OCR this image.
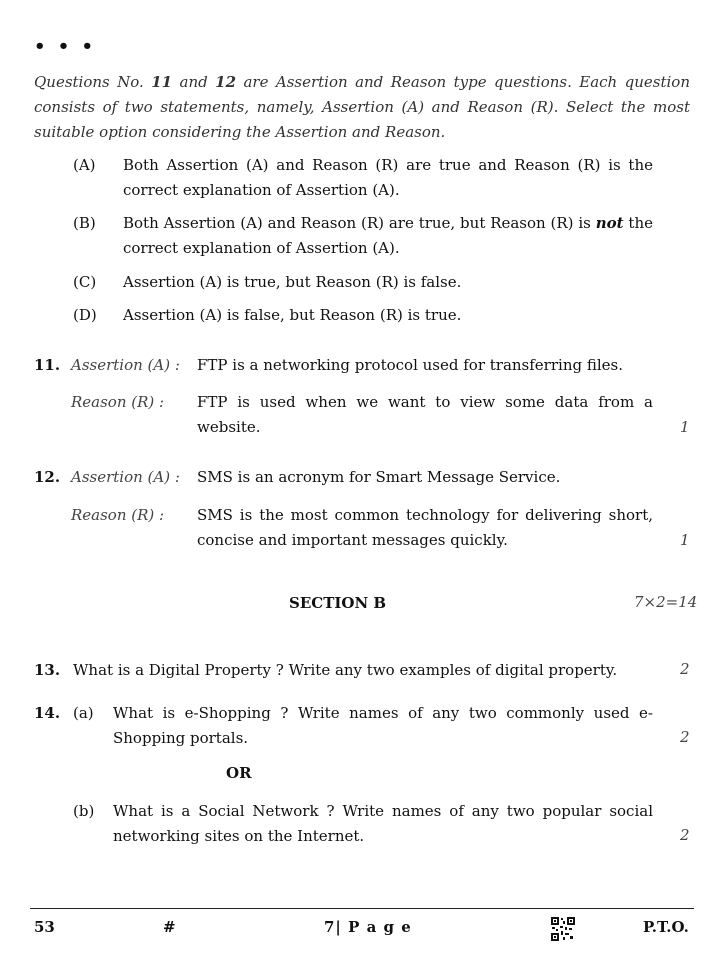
• • •
Questions No. 11 and 12 are Assertion and Reason type questions. Each question consists of two statements, namely, Assertion (A) and Reason (R). Select the most suitable option considering the Assertion and Reason.
(A) Both Assertion (A) and Reason (R) are true and Reason (R) is the correct explanation of Assertion (A).
(B) Both Assertion (A) and Reason (R) are true, but Reason (R) is not the correct explanation of Assertion (A).
(C) Assertion (A) is true, but Reason (R) is false.
(D) Assertion (A) is false, but Reason (R) is true.
11. Assertion (A) : FTP is a networking protocol used for transferring files.
Reason (R) : FTP is used when we want to view some data from a website.	1
12. Assertion (A) : SMS is an acronym for Smart Message Service.
Reason (R) : SMS is the most common technology for delivering short, concise and important messages quickly.	1
SECTION B	7×2=14
13. What is a Digital Property ? Write any two examples of digital property.	2
14. (a) What is e-Shopping ? Write names of any two commonly used e-Shopping portals.	2
OR
(b) What is a Social Network ? Write names of any two popular social networking sites on the Internet.	2
53	#	7| P a g e	P.T.O.
